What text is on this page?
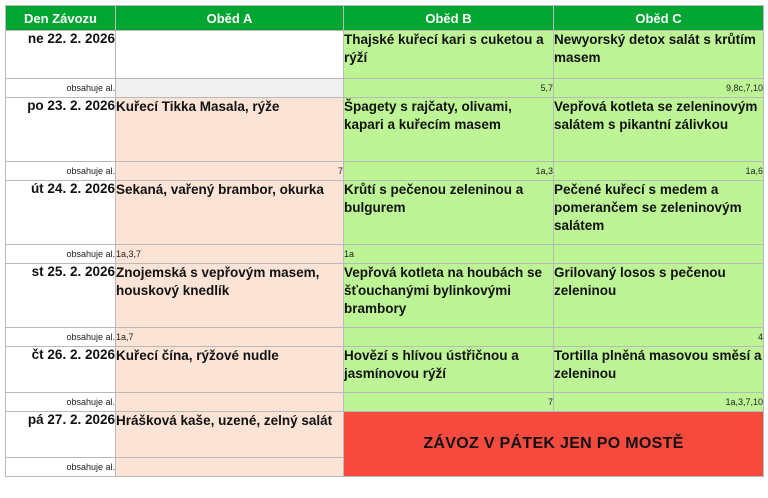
Den Závozu	Oběd A	Oběd B	Oběd C
ne 22. 2. 2026		Thajské kuřecí kari s cuketou a rýží	Newyorský detox salát s krůtím masem
obsahuje al.		5,7	9,8c,7,10
po 23. 2. 2026	Kuřecí Tikka Masala, rýže	Špagety s rajčaty, olivami, kapari a kuřecím masem	Vepřová kotleta se zeleninovým salátem s pikantní zálivkou
obsahuje al.	7	1a,3	1a,6
út 24. 2. 2026	Sekaná, vařený brambor, okurka	Krůtí s pečenou zeleninou a bulgurem	Pečené kuřecí s medem a pomerančem se zeleninovým salátem
obsahuje al.	1a,3,7	1a	
st 25. 2. 2026	Znojemská s vepřovým masem, houskový knedlík	Vepřová kotleta na houbách se šťouchanými bylinkovými brambory	Grilovaný losos s pečenou zeleninou
obsahuje al.	1a,7		4
čt 26. 2. 2026	Kuřecí čína, rýžové nudle	Hovězí s hlívou ústřičnou a jasmínovou rýží	Tortilla plněná masovou směsí a zeleninou
obsahuje al.		7	1a,3,7,10
pá 27. 2. 2026	Hrášková kaše, uzené, zelný salát	ZÁVOZ V PÁTEK JEN PO MOSTĚ	
obsahuje al.			
